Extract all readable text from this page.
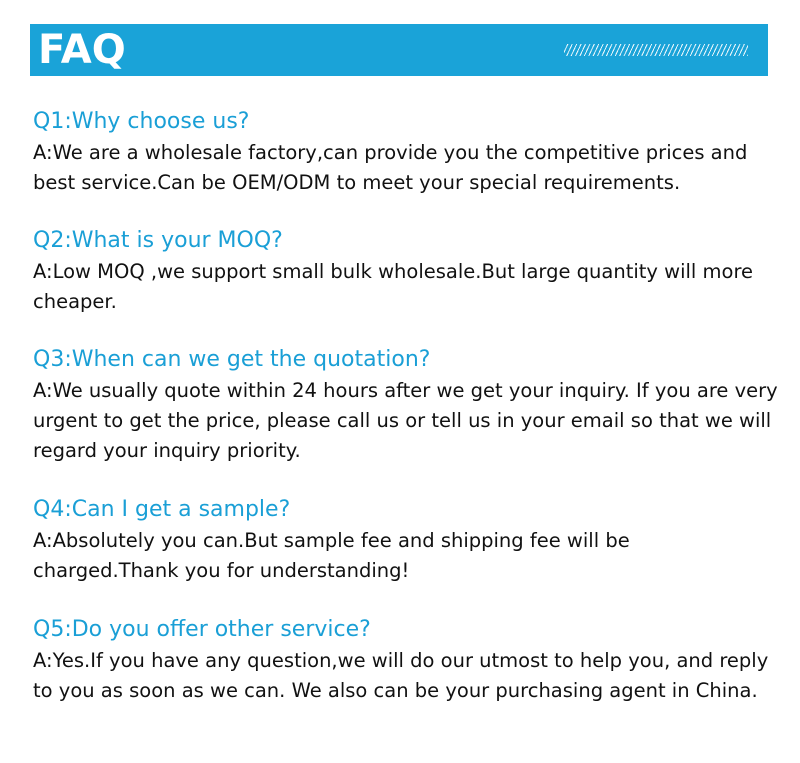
FAQ
Q1:Why choose us?
A:We are a wholesale factory,can provide you the competitive prices and best service.Can be OEM/ODM to meet your special requirements.
Q2:What is your MOQ?
A:Low MOQ ,we support small bulk wholesale.But large quantity will more cheaper.
Q3:When can we get the quotation?
A:We usually quote within 24 hours after we get your inquiry. If you are very urgent to get the price, please call us or tell us in your email so that we will regard your inquiry priority.
Q4:Can I get a sample?
A:Absolutely you can.But sample fee and shipping fee will be charged.Thank you for understanding!
Q5:Do you offer other service?
A:Yes.If you have any question,we will do our utmost to help you, and reply to you as soon as we can. We also can be your purchasing agent in China.
